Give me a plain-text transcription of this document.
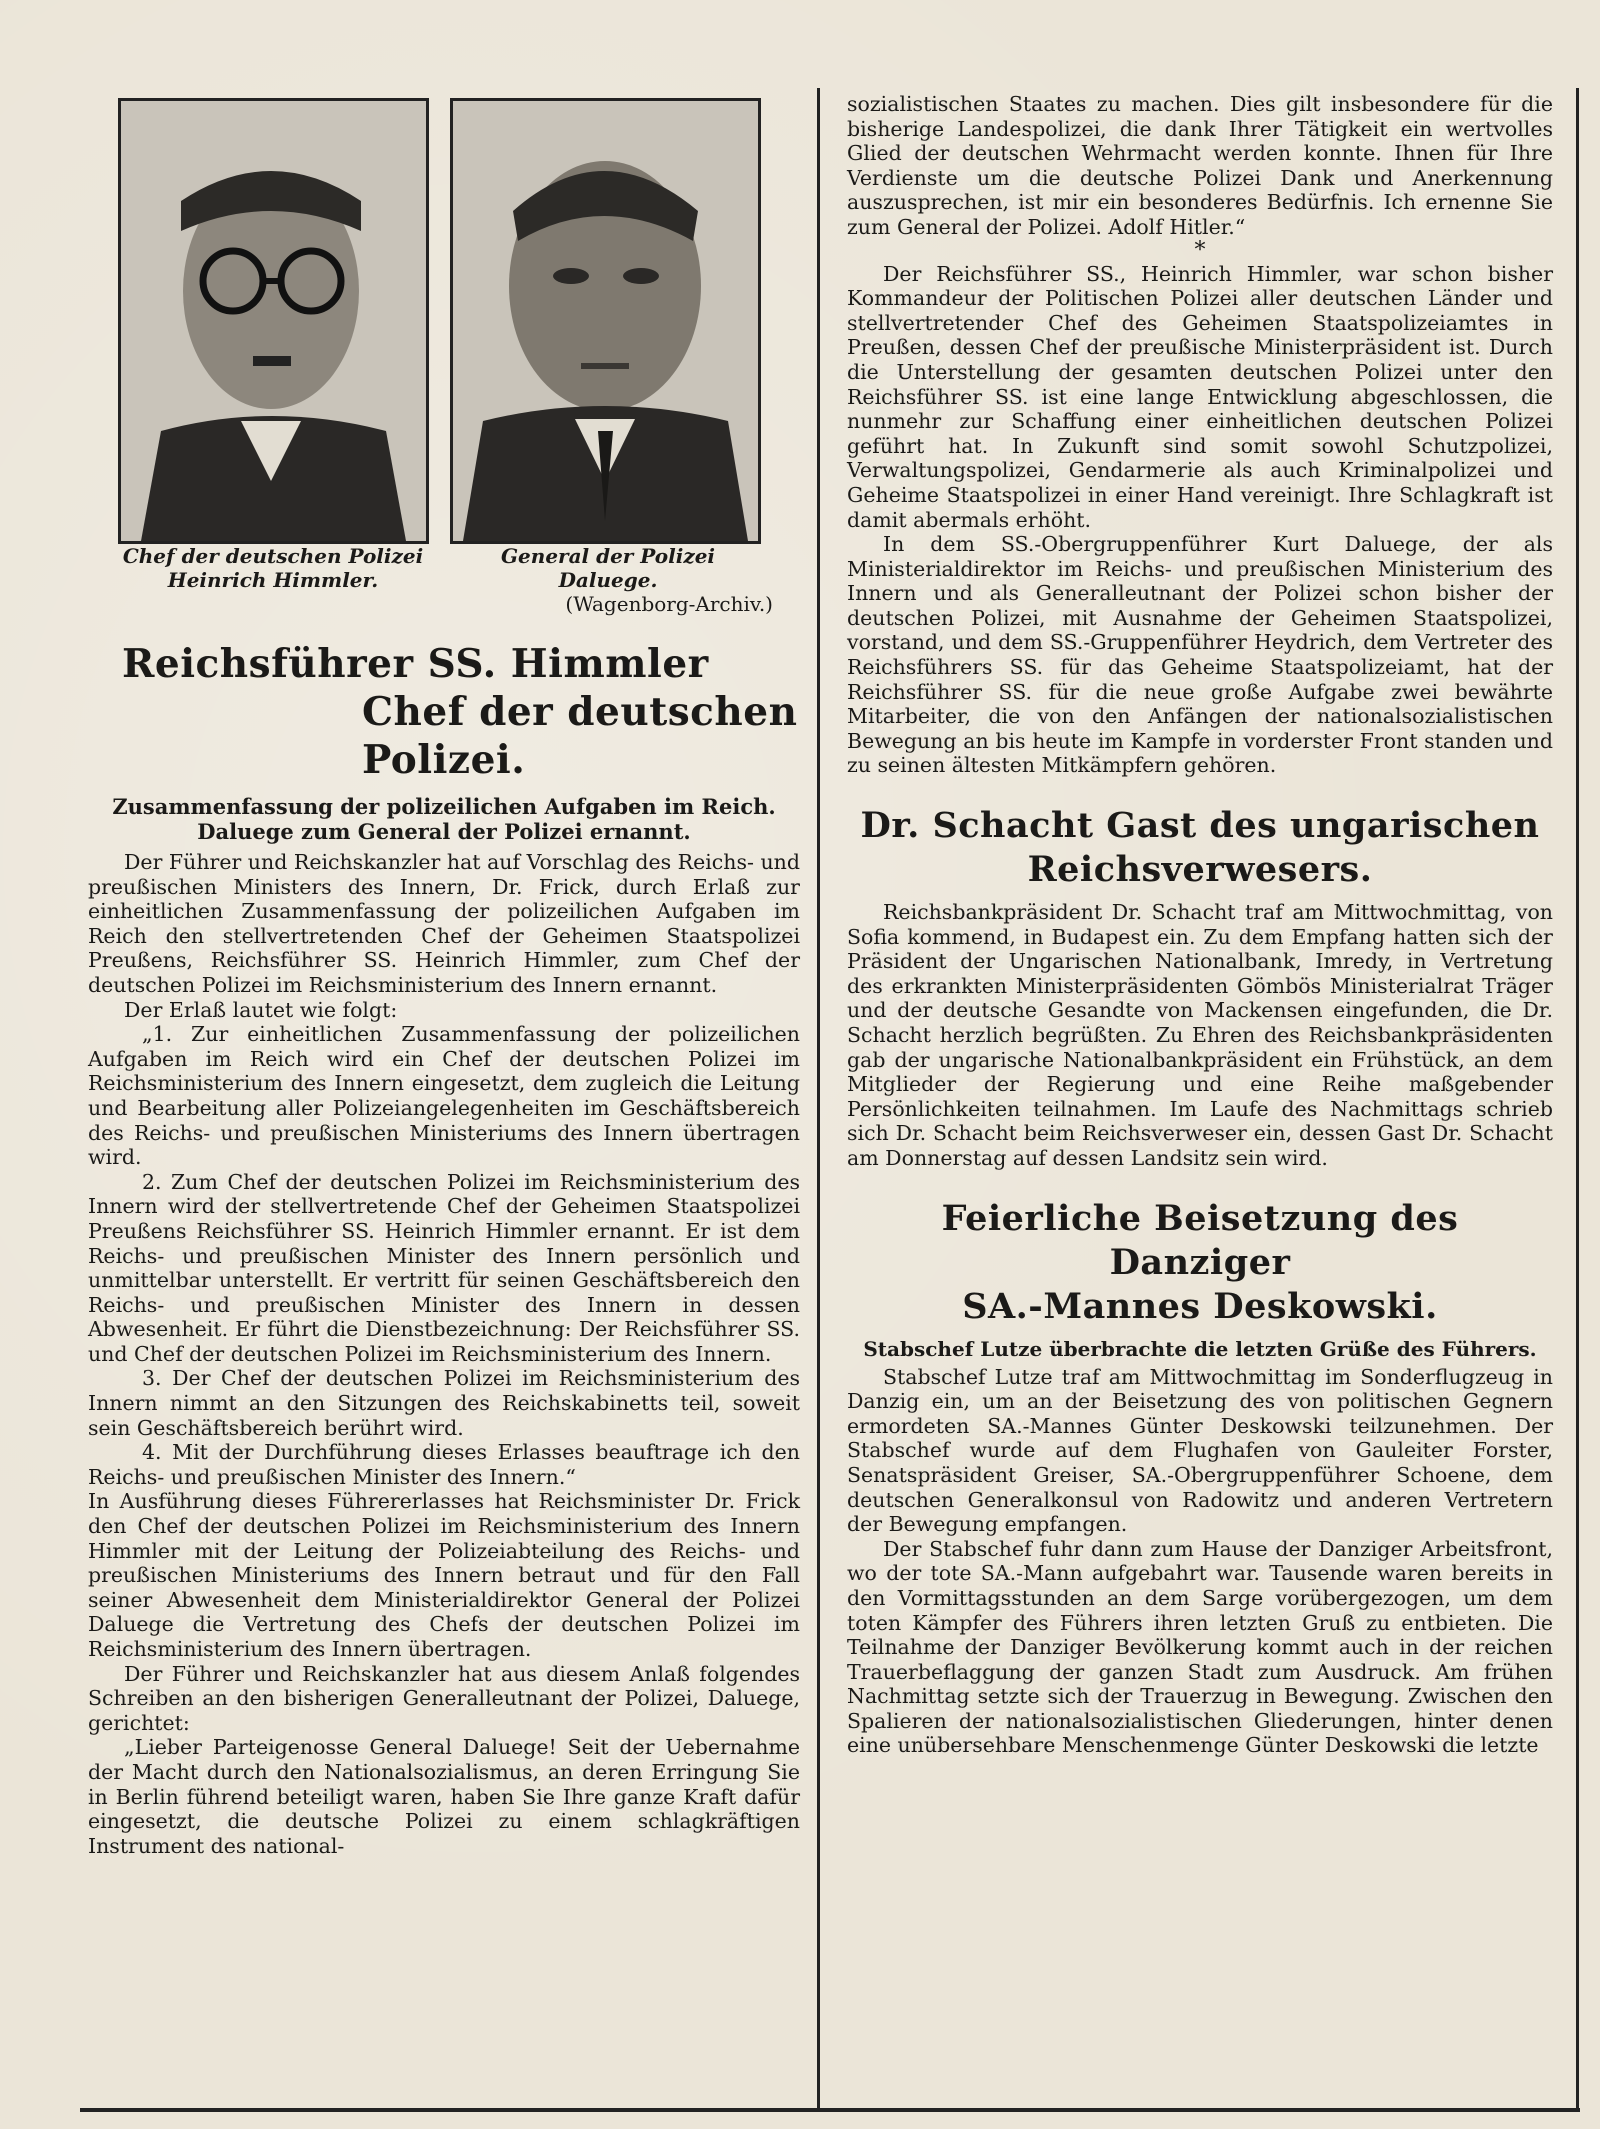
Chef der deutschen Polizei
Heinrich Himmler.
General der Polizei
Daluege.
(Wagenborg-Archiv.)
Reichsführer SS. Himmler
Chef der deutschen Polizei.
Zusammenfassung der polizeilichen Aufgaben im Reich.
Daluege zum General der Polizei ernannt.

Der Führer und Reichskanzler hat auf Vorschlag des Reichs- und preußischen Ministers des Innern, Dr. Frick, durch Erlaß zur einheitlichen Zusammenfassung der polizeilichen Aufgaben im Reich den stellvertretenden Chef der Geheimen Staatspolizei Preußens, Reichsführer SS. Heinrich Himmler, zum Chef der deutschen Polizei im Reichsministerium des Innern ernannt.

Der Erlaß lautet wie folgt:

„1. Zur einheitlichen Zusammenfassung der polizeilichen Aufgaben im Reich wird ein Chef der deutschen Polizei im Reichsministerium des Innern eingesetzt, dem zugleich die Leitung und Bearbeitung aller Polizeiangelegenheiten im Geschäftsbereich des Reichs- und preußischen Ministeriums des Innern übertragen wird.

2. Zum Chef der deutschen Polizei im Reichsministerium des Innern wird der stellvertretende Chef der Geheimen Staatspolizei Preußens Reichsführer SS. Heinrich Himmler ernannt. Er ist dem Reichs- und preußischen Minister des Innern persönlich und unmittelbar unterstellt. Er vertritt für seinen Geschäftsbereich den Reichs- und preußischen Minister des Innern in dessen Abwesenheit. Er führt die Dienstbezeichnung: Der Reichsführer SS. und Chef der deutschen Polizei im Reichsministerium des Innern.

3. Der Chef der deutschen Polizei im Reichsministerium des Innern nimmt an den Sitzungen des Reichskabinetts teil, soweit sein Geschäftsbereich berührt wird.

4. Mit der Durchführung dieses Erlasses beauftrage ich den Reichs- und preußischen Minister des Innern.“

In Ausführung dieses Führererlasses hat Reichsminister Dr. Frick den Chef der deutschen Polizei im Reichsministerium des Innern Himmler mit der Leitung der Polizeiabteilung des Reichs- und preußischen Ministeriums des Innern betraut und für den Fall seiner Abwesenheit dem Ministerialdirektor General der Polizei Daluege die Vertretung des Chefs der deutschen Polizei im Reichsministerium des Innern übertragen.

Der Führer und Reichskanzler hat aus diesem Anlaß folgendes Schreiben an den bisherigen Generalleutnant der Polizei, Daluege, gerichtet:

„Lieber Parteigenosse General Daluege! Seit der Uebernahme der Macht durch den Nationalsozialismus, an deren Erringung Sie in Berlin führend beteiligt waren, haben Sie Ihre ganze Kraft dafür eingesetzt, die deutsche Polizei zu einem schlagkräftigen Instrument des national-

sozialistischen Staates zu machen. Dies gilt insbesondere für die bisherige Landespolizei, die dank Ihrer Tätigkeit ein wertvolles Glied der deutschen Wehrmacht werden konnte. Ihnen für Ihre Verdienste um die deutsche Polizei Dank und Anerkennung auszusprechen, ist mir ein besonderes Bedürfnis. Ich ernenne Sie zum General der Polizei. Adolf Hitler.“

*

Der Reichsführer SS., Heinrich Himmler, war schon bisher Kommandeur der Politischen Polizei aller deutschen Länder und stellvertretender Chef des Geheimen Staatspolizeiamtes in Preußen, dessen Chef der preußische Ministerpräsident ist. Durch die Unterstellung der gesamten deutschen Polizei unter den Reichsführer SS. ist eine lange Entwicklung abgeschlossen, die nunmehr zur Schaffung einer einheitlichen deutschen Polizei geführt hat. In Zukunft sind somit sowohl Schutzpolizei, Verwaltungspolizei, Gendarmerie als auch Kriminalpolizei und Geheime Staatspolizei in einer Hand vereinigt. Ihre Schlagkraft ist damit abermals erhöht.

In dem SS.-Obergruppenführer Kurt Daluege, der als Ministerialdirektor im Reichs- und preußischen Ministerium des Innern und als Generalleutnant der Polizei schon bisher der deutschen Polizei, mit Ausnahme der Geheimen Staatspolizei, vorstand, und dem SS.-Gruppenführer Heydrich, dem Vertreter des Reichsführers SS. für das Geheime Staatspolizeiamt, hat der Reichsführer SS. für die neue große Aufgabe zwei bewährte Mitarbeiter, die von den Anfängen der nationalsozialistischen Bewegung an bis heute im Kampfe in vorderster Front standen und zu seinen ältesten Mitkämpfern gehören.

Dr. Schacht Gast des ungarischen
Reichsverwesers.

Reichsbankpräsident Dr. Schacht traf am Mittwochmittag, von Sofia kommend, in Budapest ein. Zu dem Empfang hatten sich der Präsident der Ungarischen Nationalbank, Imredy, in Vertretung des erkrankten Ministerpräsidenten Gömbös Ministerialrat Träger und der deutsche Gesandte von Mackensen eingefunden, die Dr. Schacht herzlich begrüßten. Zu Ehren des Reichsbankpräsidenten gab der ungarische Nationalbankpräsident ein Frühstück, an dem Mitglieder der Regierung und eine Reihe maßgebender Persönlichkeiten teilnahmen. Im Laufe des Nachmittags schrieb sich Dr. Schacht beim Reichsverweser ein, dessen Gast Dr. Schacht am Donnerstag auf dessen Landsitz sein wird.

Feierliche Beisetzung des Danziger
SA.-Mannes Deskowski.
Stabschef Lutze überbrachte die letzten Grüße des Führers.

Stabschef Lutze traf am Mittwochmittag im Sonderflugzeug in Danzig ein, um an der Beisetzung des von politischen Gegnern ermordeten SA.-Mannes Günter Deskowski teilzunehmen. Der Stabschef wurde auf dem Flughafen von Gauleiter Forster, Senatspräsident Greiser, SA.-Obergruppenführer Schoene, dem deutschen Generalkonsul von Radowitz und anderen Vertretern der Bewegung empfangen.

Der Stabschef fuhr dann zum Hause der Danziger Arbeitsfront, wo der tote SA.-Mann aufgebahrt war. Tausende waren bereits in den Vormittagsstunden an dem Sarge vorübergezogen, um dem toten Kämpfer des Führers ihren letzten Gruß zu entbieten. Die Teilnahme der Danziger Bevölkerung kommt auch in der reichen Trauerbeflaggung der ganzen Stadt zum Ausdruck. Am frühen Nachmittag setzte sich der Trauerzug in Bewegung. Zwischen den Spalieren der nationalsozialistischen Gliederungen, hinter denen eine unübersehbare Menschenmenge Günter Deskowski die letzte
